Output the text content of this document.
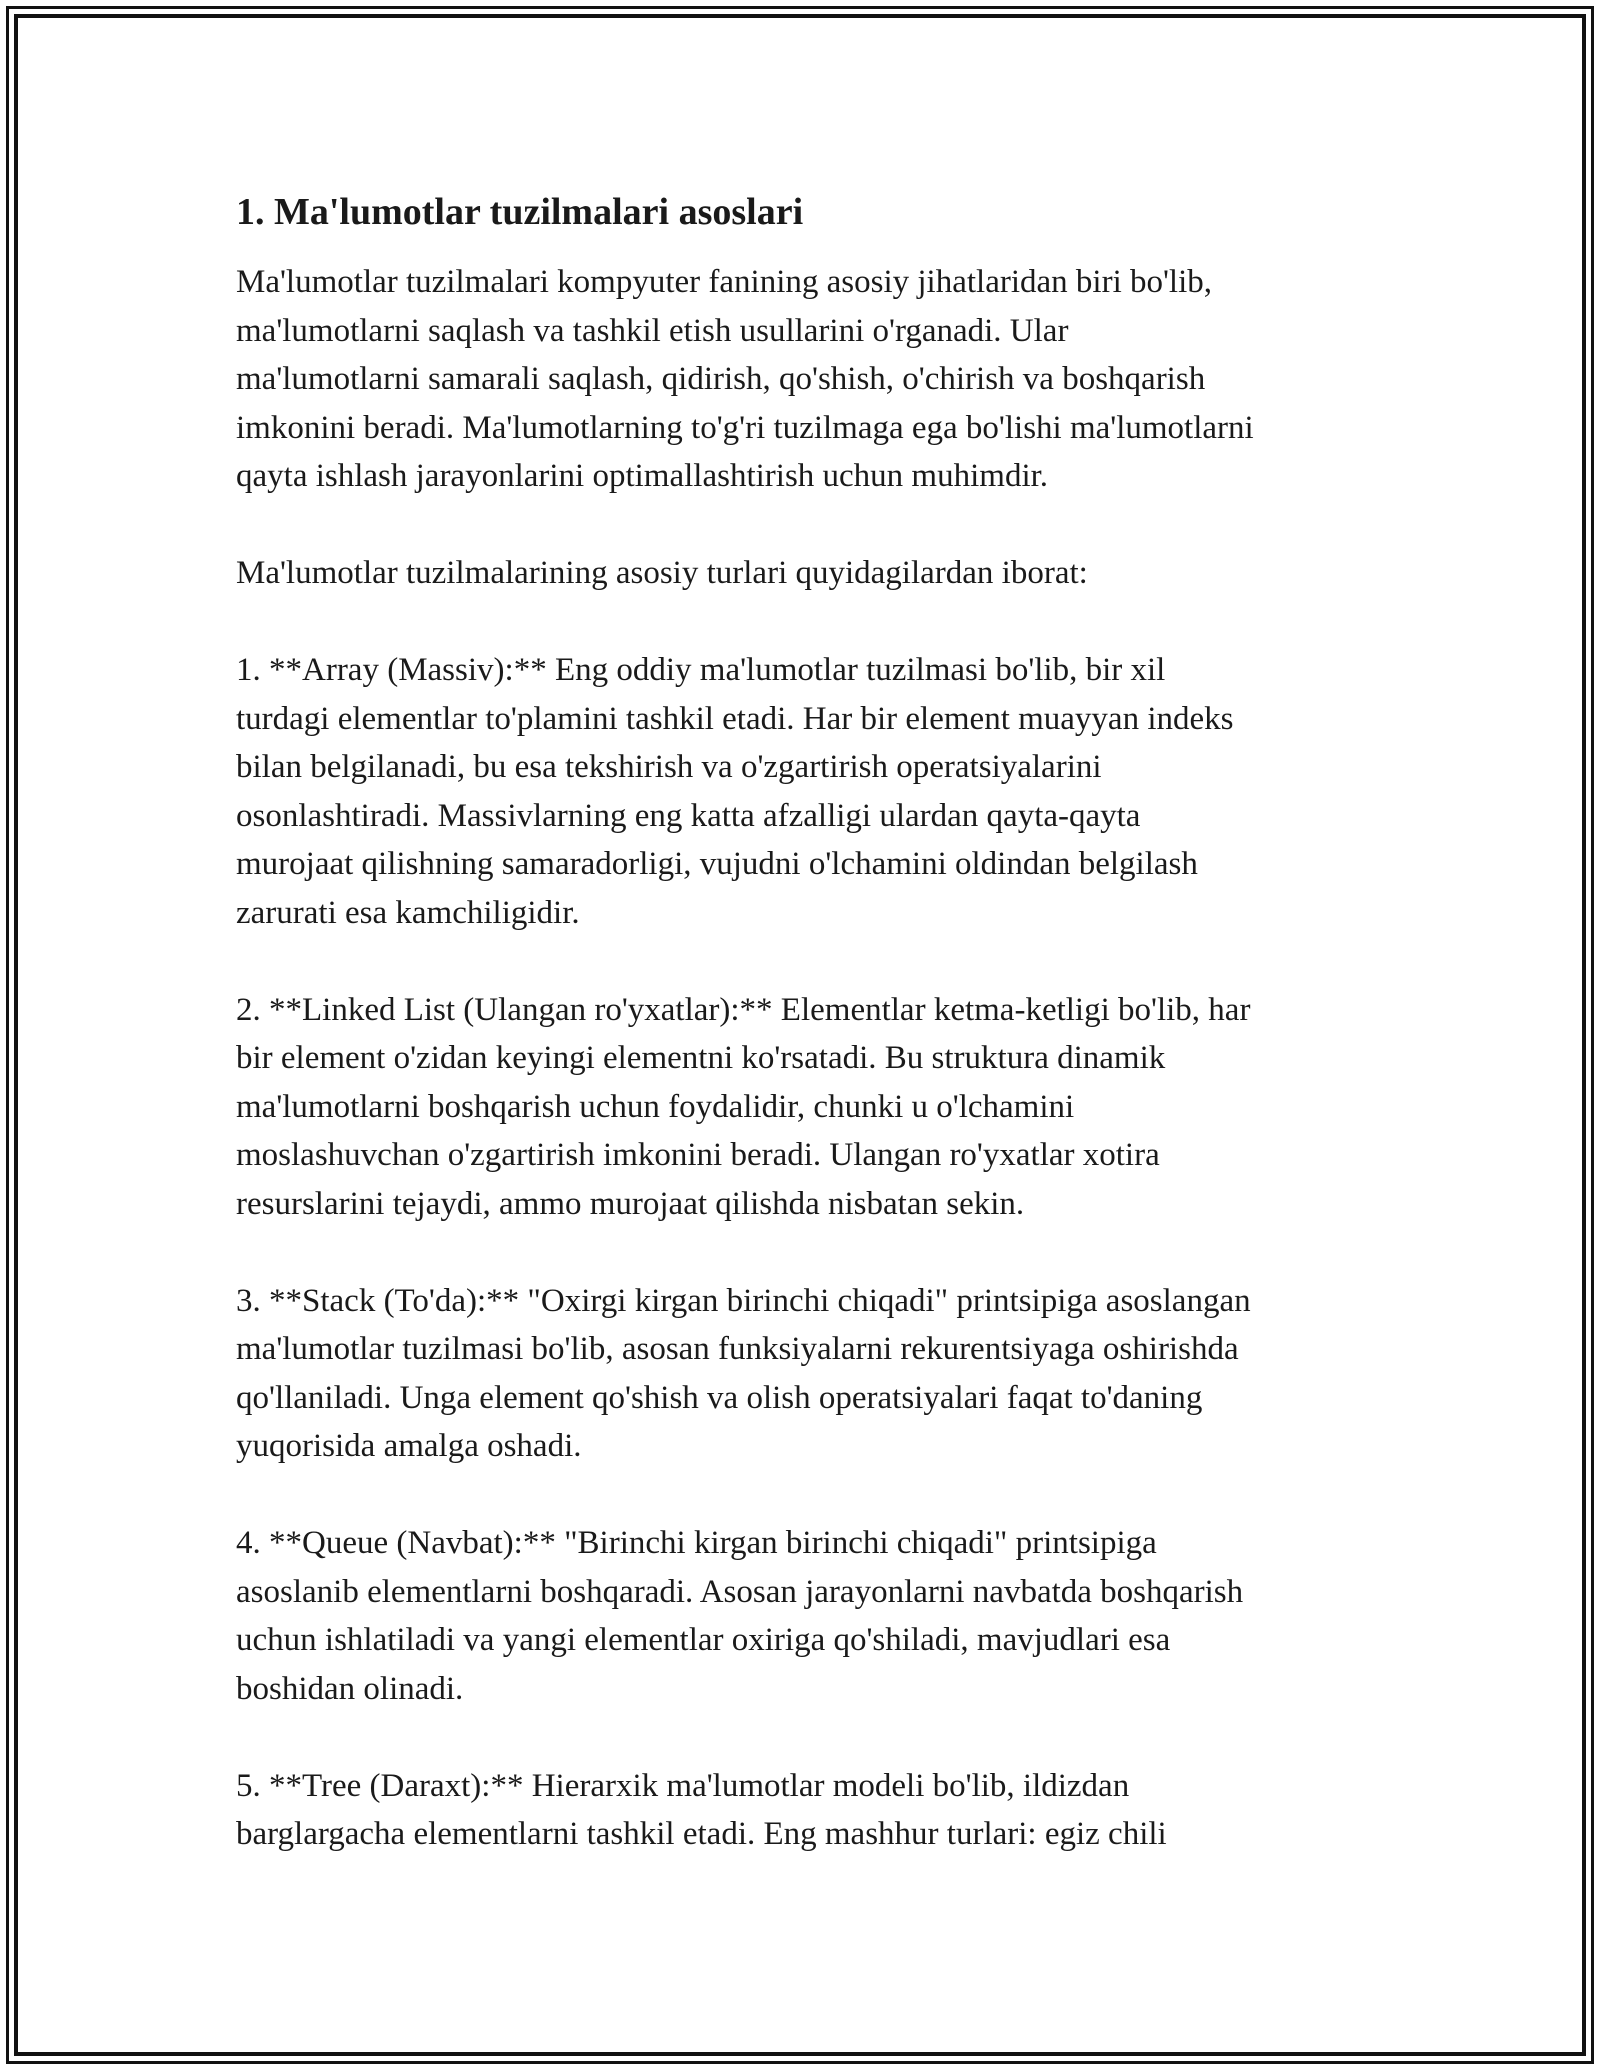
1. Ma'lumotlar tuzilmalari asoslari
Ma'lumotlar tuzilmalari kompyuter fanining asosiy jihatlaridan biri bo'lib,
ma'lumotlarni saqlash va tashkil etish usullarini o'rganadi. Ular
ma'lumotlarni samarali saqlash, qidirish, qo'shish, o'chirish va boshqarish
imkonini beradi. Ma'lumotlarning to'g'ri tuzilmaga ega bo'lishi ma'lumotlarni
qayta ishlash jarayonlarini optimallashtirish uchun muhimdir.
Ma'lumotlar tuzilmalarining asosiy turlari quyidagilardan iborat:
1. **Array (Massiv):** Eng oddiy ma'lumotlar tuzilmasi bo'lib, bir xil
turdagi elementlar to'plamini tashkil etadi. Har bir element muayyan indeks
bilan belgilanadi, bu esa tekshirish va o'zgartirish operatsiyalarini
osonlashtiradi. Massivlarning eng katta afzalligi ulardan qayta-qayta
murojaat qilishning samaradorligi, vujudni o'lchamini oldindan belgilash
zarurati esa kamchiligidir.
2. **Linked List (Ulangan ro'yxatlar):** Elementlar ketma-ketligi bo'lib, har
bir element o'zidan keyingi elementni ko'rsatadi. Bu struktura dinamik
ma'lumotlarni boshqarish uchun foydalidir, chunki u o'lchamini
moslashuvchan o'zgartirish imkonini beradi. Ulangan ro'yxatlar xotira
resurslarini tejaydi, ammo murojaat qilishda nisbatan sekin.
3. **Stack (To'da):** "Oxirgi kirgan birinchi chiqadi" printsipiga asoslangan
ma'lumotlar tuzilmasi bo'lib, asosan funksiyalarni rekurentsiyaga oshirishda
qo'llaniladi. Unga element qo'shish va olish operatsiyalari faqat to'daning
yuqorisida amalga oshadi.
4. **Queue (Navbat):** "Birinchi kirgan birinchi chiqadi" printsipiga
asoslanib elementlarni boshqaradi. Asosan jarayonlarni navbatda boshqarish
uchun ishlatiladi va yangi elementlar oxiriga qo'shiladi, mavjudlari esa
boshidan olinadi.
5. **Tree (Daraxt):** Hierarxik ma'lumotlar modeli bo'lib, ildizdan
barglargacha elementlarni tashkil etadi. Eng mashhur turlari: egiz chili
